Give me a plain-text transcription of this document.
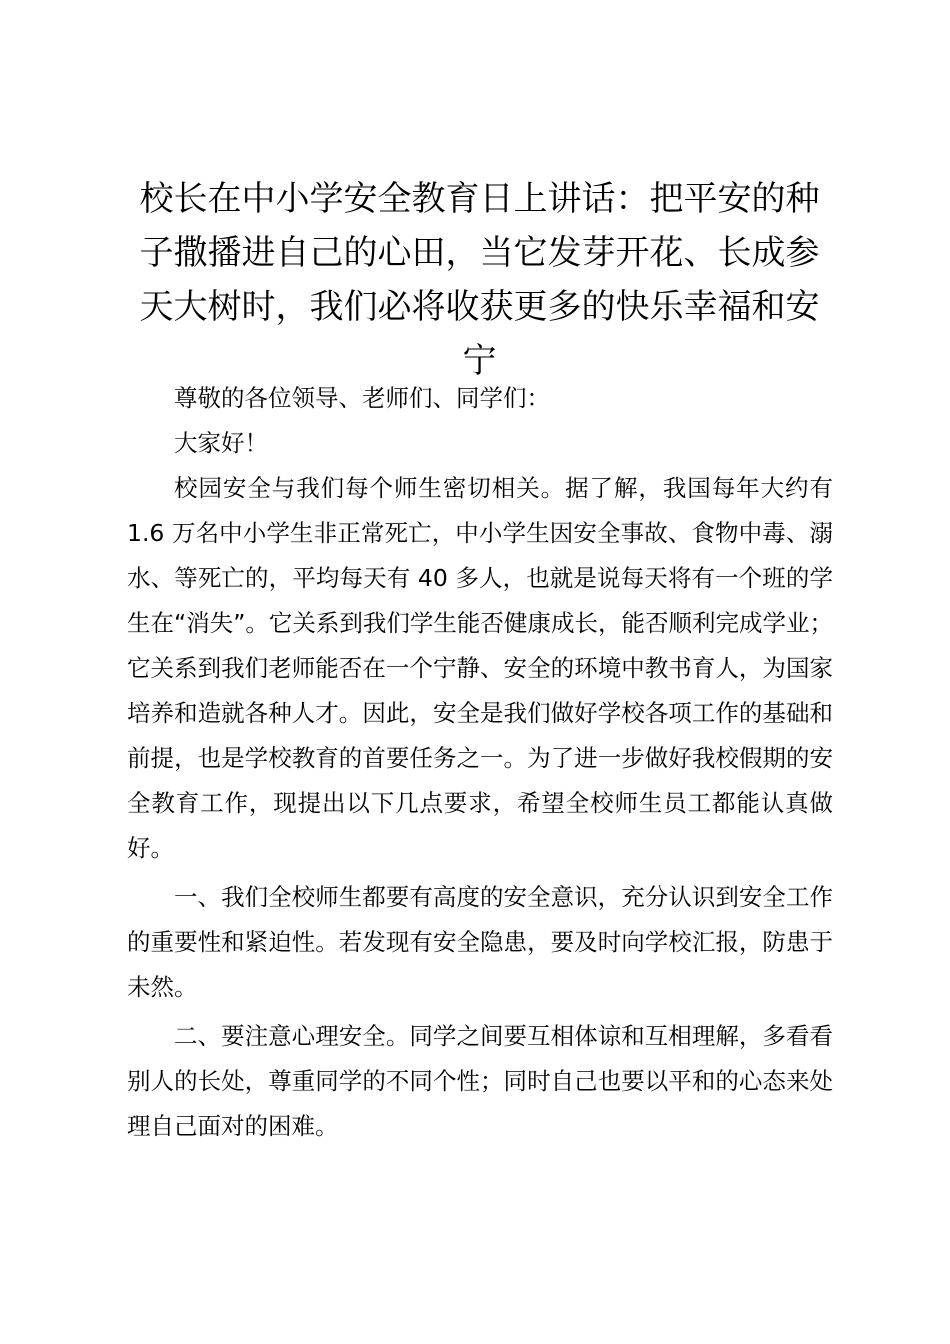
校长在中小学安全教育日上讲话：把平安的种子撒播进自己的心田，当它发芽开花、长成参天大树时，我们必将收获更多的快乐幸福和安宁

尊敬的各位领导、老师们、同学们：

大家好！

校园安全与我们每个师生密切相关。据了解，我国每年大约有 1.6 万名中小学生非正常死亡，中小学生因安全事故、食物中毒、溺水、等死亡的，平均每天有 40 多人，也就是说每天将有一个班的学生在“消失”。它关系到我们学生能否健康成长，能否顺利完成学业；它关系到我们老师能否在一个宁静、安全的环境中教书育人，为国家培养和造就各种人才。因此，安全是我们做好学校各项工作的基础和前提，也是学校教育的首要任务之一。为了进一步做好我校假期的安全教育工作，现提出以下几点要求，希望全校师生员工都能认真做好。

一、我们全校师生都要有高度的安全意识，充分认识到安全工作的重要性和紧迫性。若发现有安全隐患，要及时向学校汇报，防患于未然。

二、要注意心理安全。同学之间要互相体谅和互相理解，多看看别人的长处，尊重同学的不同个性；同时自己也要以平和的心态来处理自己面对的困难。
